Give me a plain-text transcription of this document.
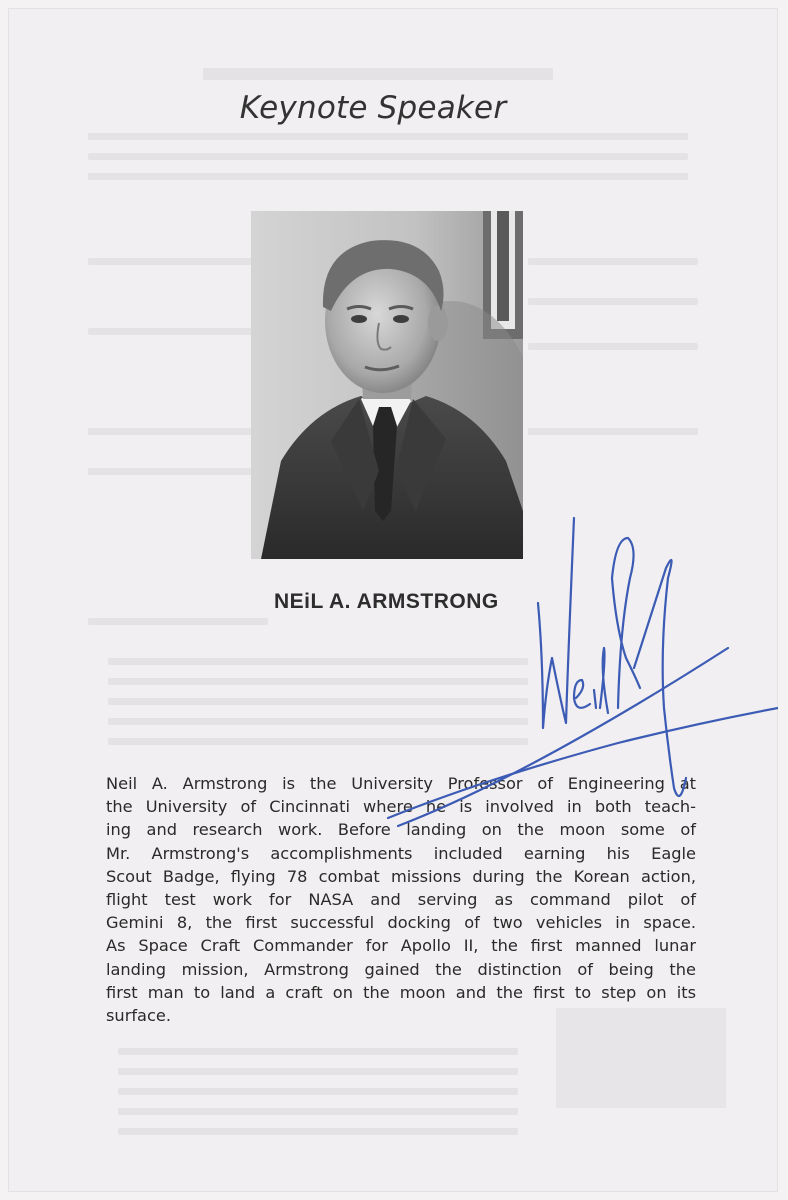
Keynote Speaker
NEiL A. ARMSTRONG
Neil A. Armstrong is the University Professor of Engineering at
the University of Cincinnati where he is involved in both teach-
ing and research work. Before landing on the moon some of
Mr. Armstrong's accomplishments included earning his Eagle
Scout Badge, flying 78 combat missions during the Korean action,
flight test work for NASA and serving as command pilot of
Gemini 8, the first successful docking of two vehicles in space.
As Space Craft Commander for Apollo II, the first manned lunar
landing mission, Armstrong gained the distinction of being the
first man to land a craft on the moon and the first to step on its
surface.
